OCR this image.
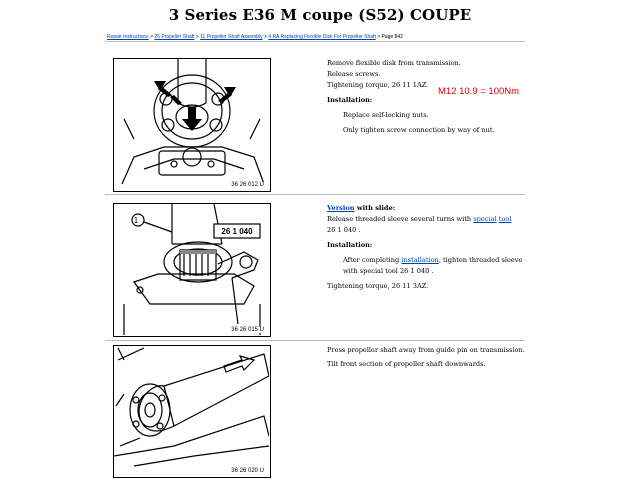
3 Series E36 M coupe (S52) COUPE
Repair Instructions > 26 Propeller Shaft > 11 Propeller Shaft Assembly > 4 RA Replacing Flexible Disk For Propeller Shaft > Page 842
36 26 012 U
Remove flexible disk from transmission.
Release screws.
Tightening torque, 26 11 1AZ.
Installation:
Replace self-locking nuts.
Only tighten screw connection by way of nut.
M12 10.9 = 100Nm
1
26 1 040
36 26 015 U
Version with slide:
Release threaded sleeve several turns with special tool
26 1 040 .
Installation:
After completing installation, tighten threaded sleeve with special tool 26 1 040 .
Tightening torque, 26 11 3AZ.
36 26 020 U
Press propeller shaft away from guide pin on transmission.
Tilt front section of propeller shaft downwards.
